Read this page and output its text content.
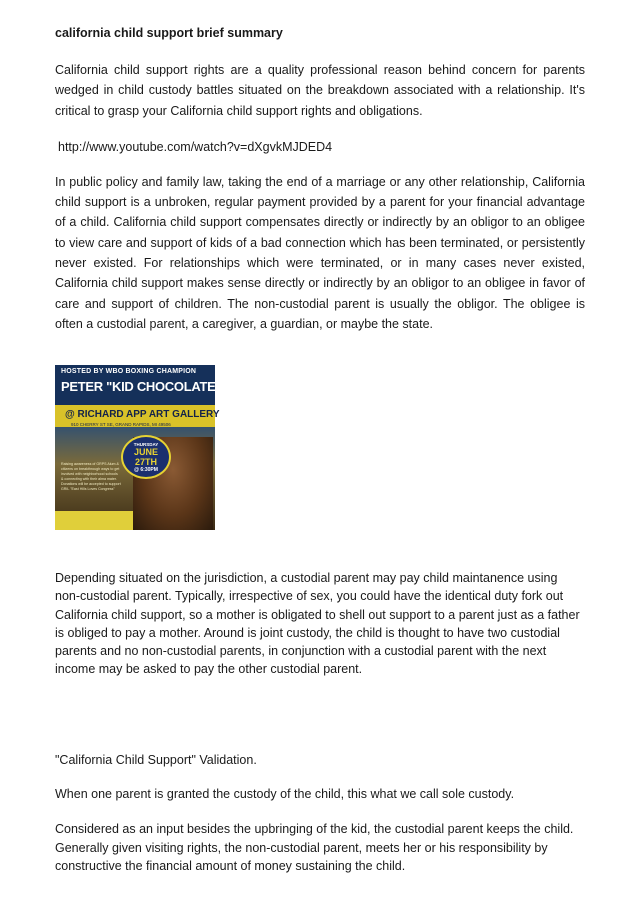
california child support brief summary

California child support rights are a quality professional reason behind concern for parents wedged in child custody battles situated on the breakdown associated with a relationship. It's critical to grasp your California child support rights and obligations.

http://www.youtube.com/watch?v=dXgvkMJDED4

In public policy and family law, taking the end of a marriage or any other relationship, California child support is a unbroken, regular payment provided by a parent for your financial advantage of a child. California child support compensates directly or indirectly by an obligor to an obligee to view care and support of kids of a bad connection which has been terminated, or persistently never existed. For relationships which were terminated, or in many cases never existed, California child support makes sense directly or indirectly by an obligor to an obligee in favor of care and support of children. The non-custodial parent is usually the obligor. The obligee is often a custodial parent, a caregiver, a guardian, or maybe the state.

HOSTED BY WBO BOXING CHAMPION
PETER "KID CHOCOLATE" QUILLIN
@ RICHARD APP ART GALLERY
910 CHERRY ST SE, GRAND RAPIDS, MI 49506
THURSDAY
JUNE 27TH
@ 6:30PM
Raising awareness of GRPS Alum & citizens on breakthrough ways to get involved with neighborhood schools & connecting with their alma mater. Donations will be accepted to support GRIL "East Hills Loves Congress"

Depending situated on the jurisdiction, a custodial parent may pay child maintanence using non-custodial parent. Typically, irrespective of sex, you could have the identical duty fork out California child support, so a mother is obligated to shell out support to a parent just as a father is obliged to pay a mother. Around is joint custody, the child is thought to have two custodial parents and no non-custodial parents, in conjunction with a custodial parent with the next income may be asked to pay the other custodial parent.

"California Child Support" Validation.

When one parent is granted the custody of the child, this what we call sole custody.

Considered as an input besides the upbringing of the kid, the custodial parent keeps the child. Generally given visiting rights, the non-custodial parent, meets her or his responsibility by constructive the financial amount of money sustaining the child.
